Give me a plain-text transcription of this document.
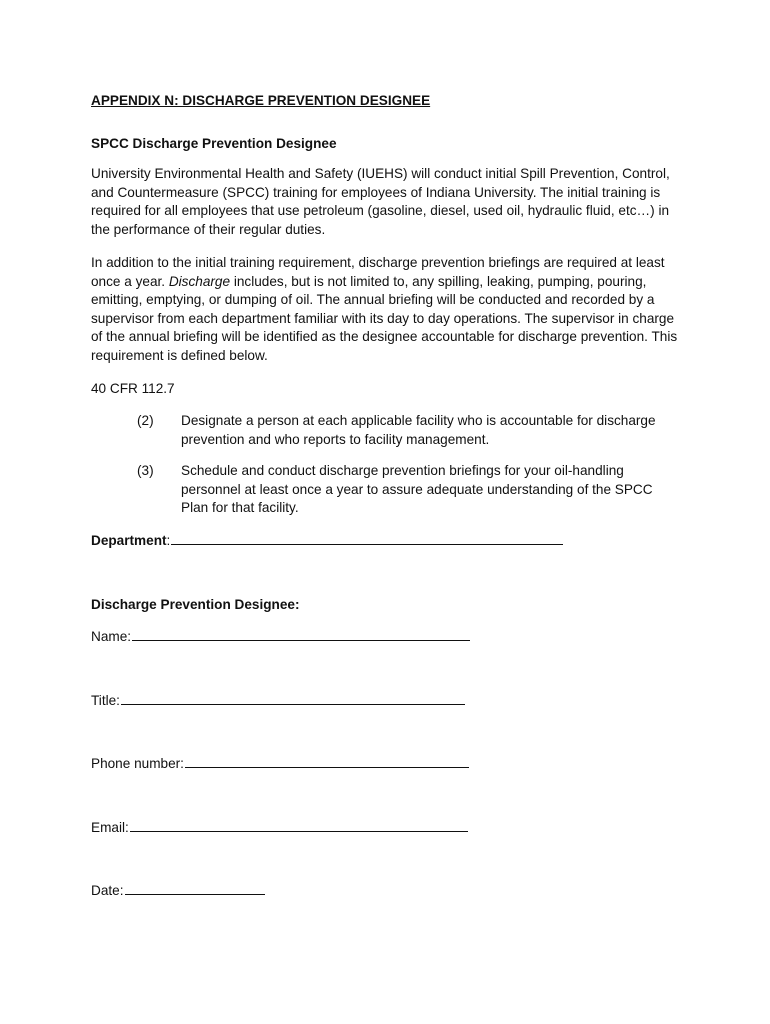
APPENDIX N: DISCHARGE PREVENTION DESIGNEE
SPCC Discharge Prevention Designee

University Environmental Health and Safety (IUEHS) will conduct initial Spill Prevention, Control, and Countermeasure (SPCC) training for employees of Indiana University. The initial training is required for all employees that use petroleum (gasoline, diesel, used oil, hydraulic fluid, etc…) in the performance of their regular duties.

In addition to the initial training requirement, discharge prevention briefings are required at least once a year. Discharge includes, but is not limited to, any spilling, leaking, pumping, pouring, emitting, emptying, or dumping of oil. The annual briefing will be conducted and recorded by a supervisor from each department familiar with its day to day operations. The supervisor in charge of the annual briefing will be identified as the designee accountable for discharge prevention. This requirement is defined below.

40 CFR 112.7
(2) Designate a person at each applicable facility who is accountable for discharge prevention and who reports to facility management.
(3) Schedule and conduct discharge prevention briefings for your oil-handling personnel at least once a year to assure adequate understanding of the SPCC Plan for that facility.
Department :
Discharge Prevention Designee:
Name:
Title:
Phone number:
Email:
Date:
